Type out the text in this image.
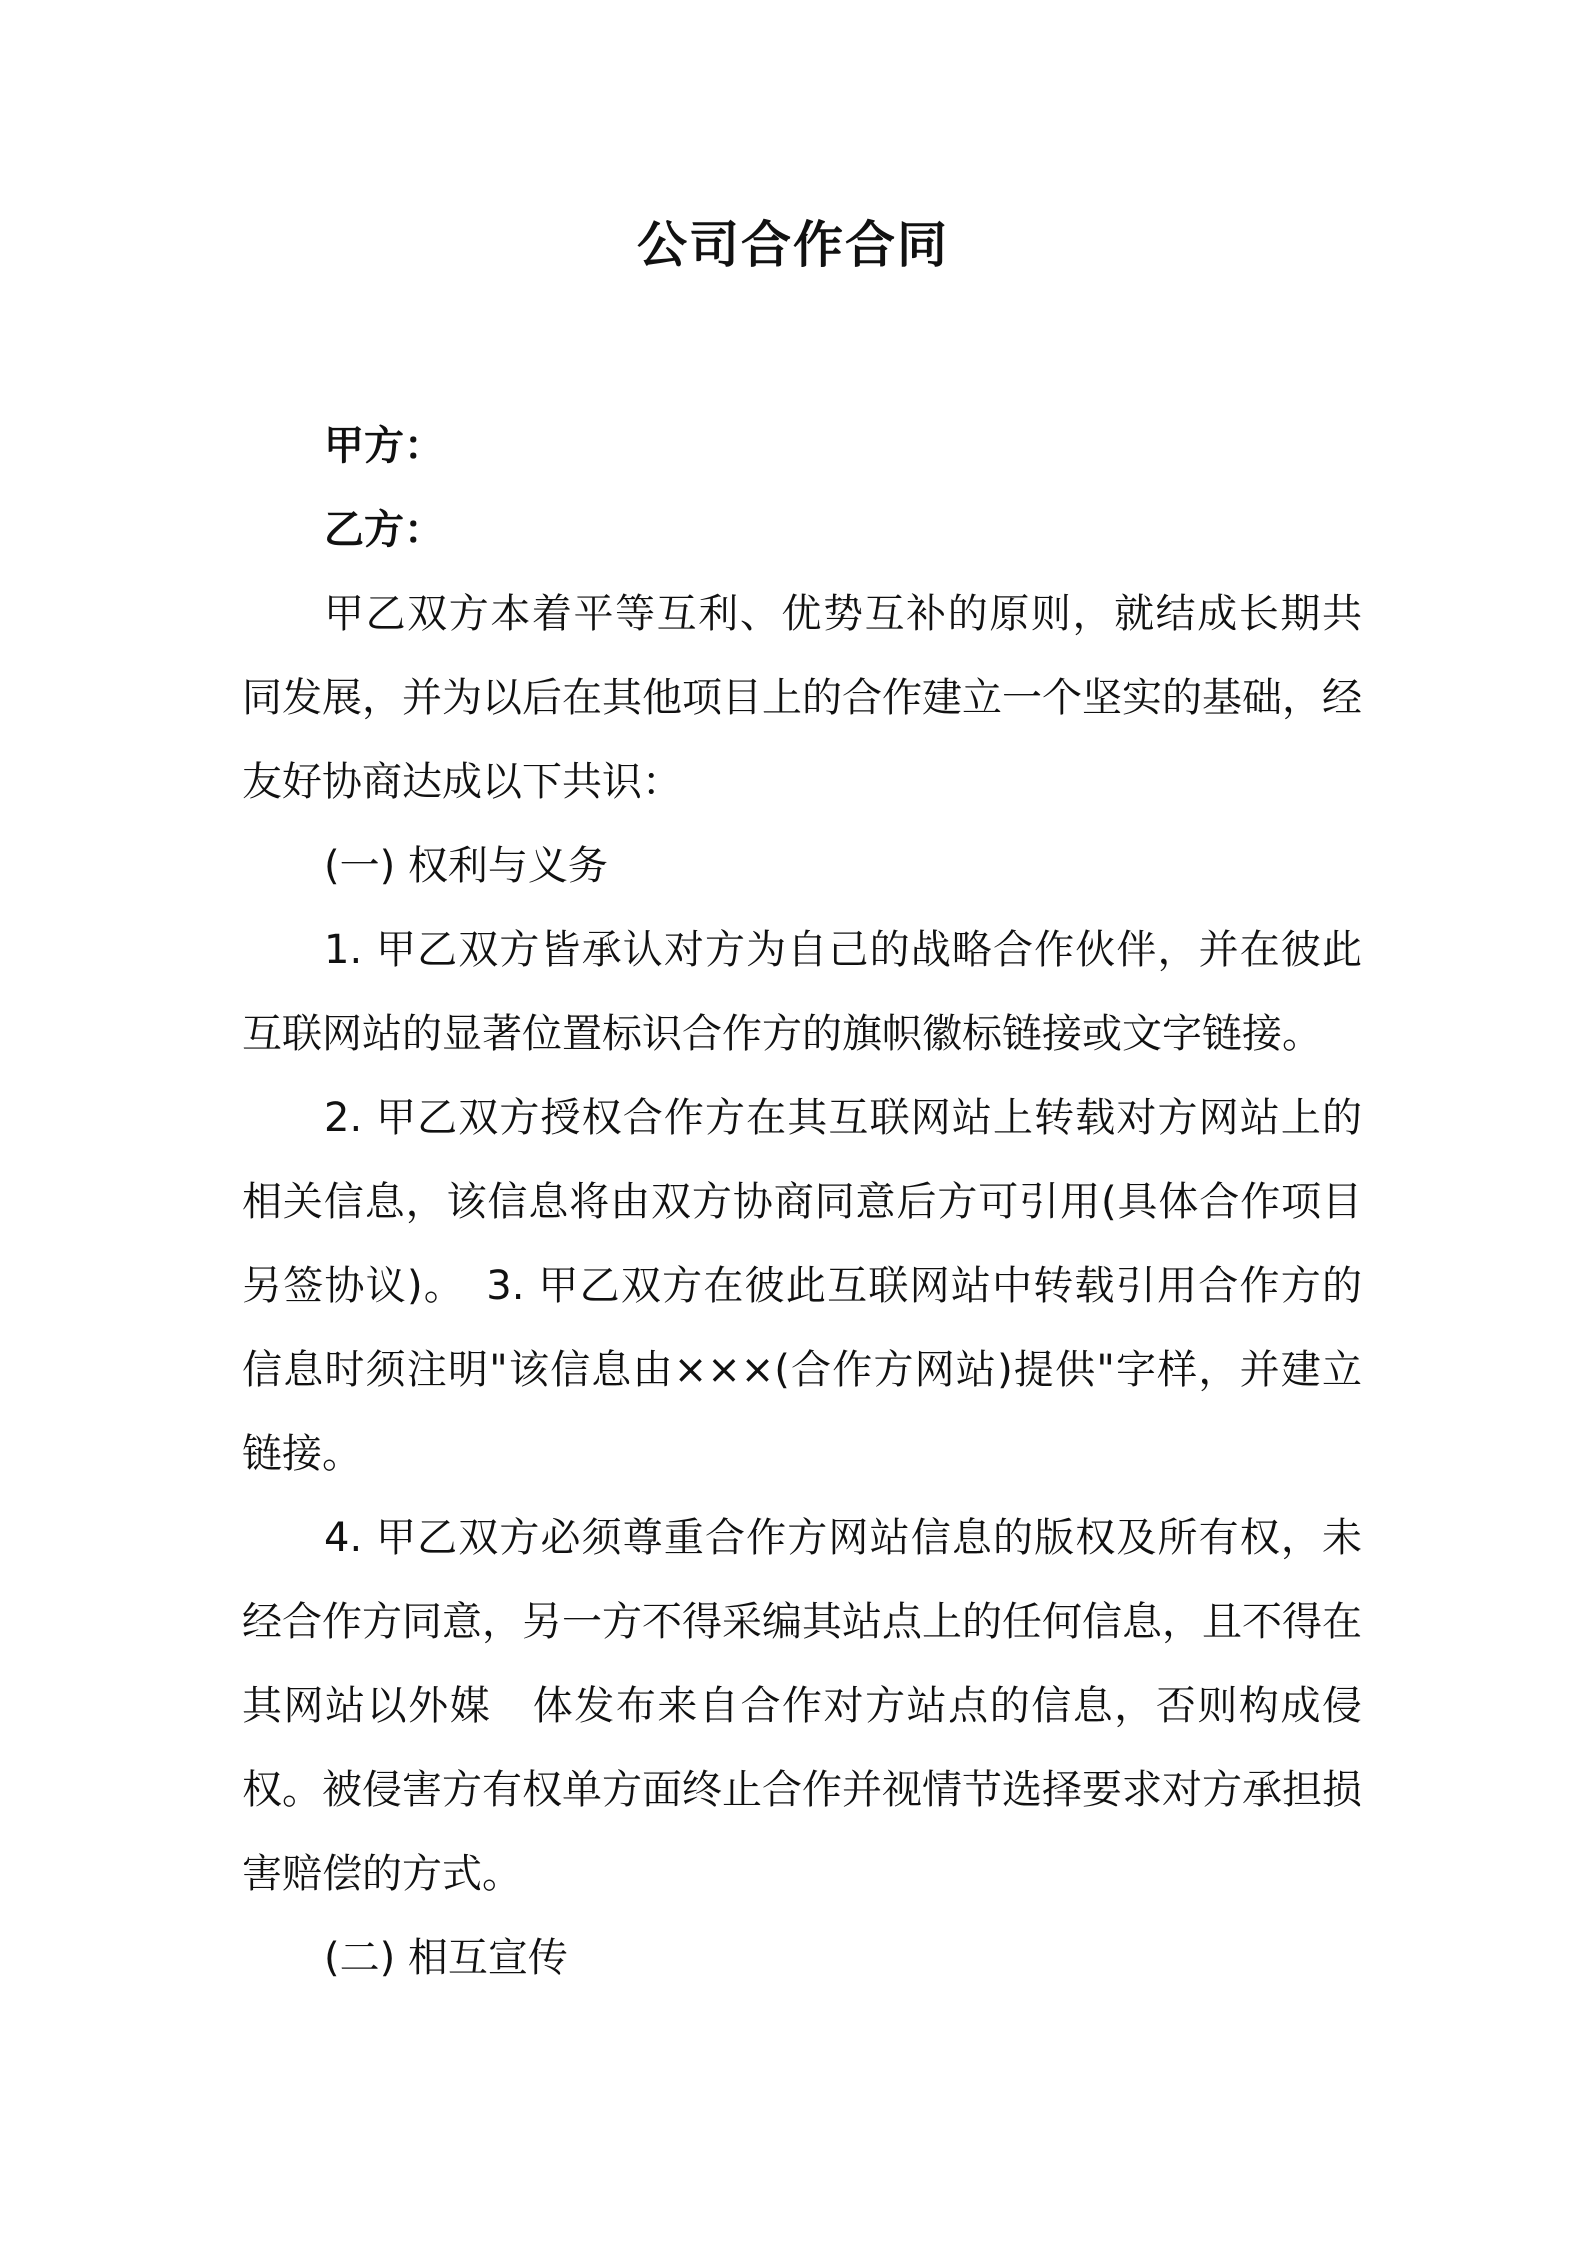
公司合作合同

甲方：

乙方：

甲乙双方本着平等互利、优势互补的原则，就结成长期共同发展，并为以后在其他项目上的合作建立一个坚实的基础，经友好协商达成以下共识：

(一) 权利与义务

1. 甲乙双方皆承认对方为自己的战略合作伙伴，并在彼此互联网站的显著位置标识合作方的旗帜徽标链接或文字链接。

2. 甲乙双方授权合作方在其互联网站上转载对方网站上的相关信息，该信息将由双方协商同意后方可引用(具体合作项目另签协议)。　3. 甲乙双方在彼此互联网站中转载引用合作方的信息时须注明"该信息由×××(合作方网站)提供"字样，并建立链接。

4. 甲乙双方必须尊重合作方网站信息的版权及所有权，未经合作方同意，另一方不得采编其站点上的任何信息，且不得在其网站以外媒　体发布来自合作对方站点的信息，否则构成侵权。被侵害方有权单方面终止合作并视情节选择要求对方承担损害赔偿的方式。

(二) 相互宣传
